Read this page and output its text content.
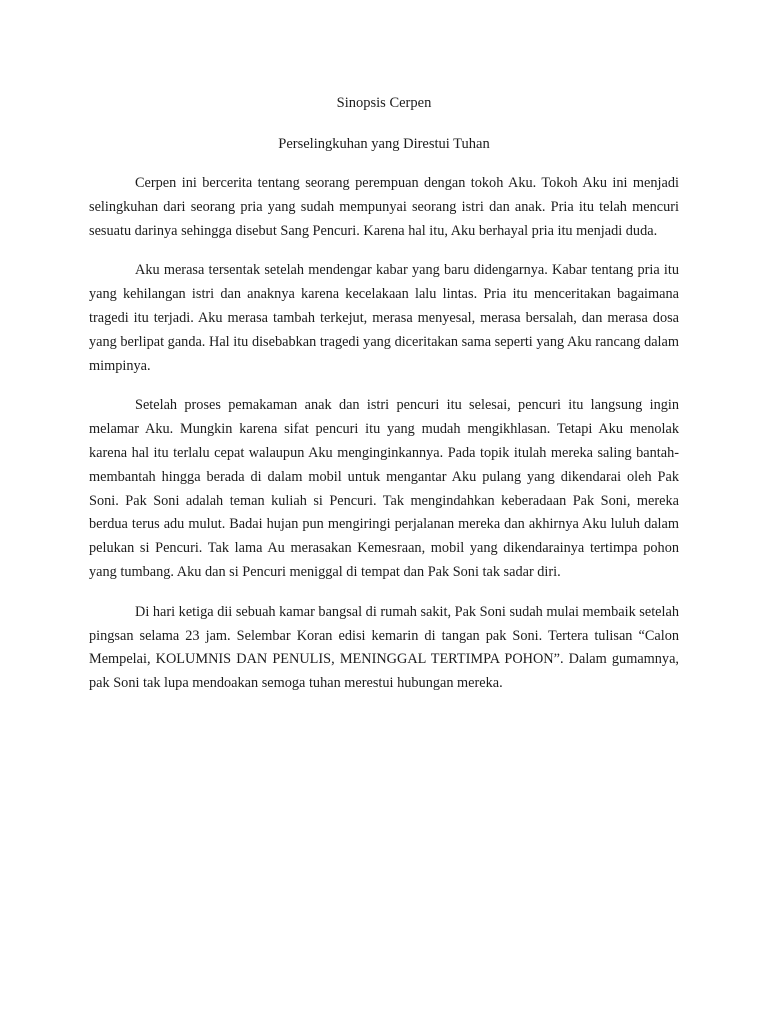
Sinopsis Cerpen
Perselingkuhan yang Direstui Tuhan

Cerpen ini bercerita tentang seorang perempuan dengan tokoh Aku. Tokoh Aku ini menjadi selingkuhan dari seorang pria yang sudah mempunyai seorang istri dan anak. Pria itu telah mencuri sesuatu darinya sehingga disebut Sang Pencuri. Karena hal itu, Aku berhayal pria itu menjadi duda.

Aku merasa tersentak setelah mendengar kabar yang baru didengarnya. Kabar tentang pria itu yang kehilangan istri dan anaknya karena kecelakaan lalu lintas. Pria itu menceritakan bagaimana tragedi itu terjadi. Aku merasa tambah terkejut, merasa menyesal, merasa bersalah, dan merasa dosa yang berlipat ganda. Hal itu disebabkan tragedi yang diceritakan sama seperti yang Aku rancang dalam mimpinya.

Setelah proses pemakaman anak dan istri pencuri itu selesai, pencuri itu langsung ingin melamar Aku. Mungkin karena sifat pencuri itu yang mudah mengikhlasan. Tetapi Aku menolak karena hal itu terlalu cepat walaupun Aku menginginkannya. Pada topik itulah mereka saling bantah-membantah hingga berada di dalam mobil untuk mengantar Aku pulang yang dikendarai oleh Pak Soni. Pak Soni adalah teman kuliah si Pencuri. Tak mengindahkan keberadaan Pak Soni, mereka berdua terus adu mulut. Badai hujan pun mengiringi perjalanan mereka dan akhirnya Aku luluh dalam pelukan si Pencuri. Tak lama Au merasakan Kemesraan, mobil yang dikendarainya tertimpa pohon yang tumbang. Aku dan si Pencuri meniggal di tempat dan Pak Soni tak sadar diri.

Di hari ketiga dii sebuah kamar bangsal di rumah sakit, Pak Soni sudah mulai membaik setelah pingsan selama 23 jam. Selembar Koran edisi kemarin di tangan pak Soni. Tertera tulisan “Calon Mempelai, KOLUMNIS DAN PENULIS, MENINGGAL TERTIMPA POHON”. Dalam gumamnya, pak Soni tak lupa mendoakan semoga tuhan merestui hubungan mereka.
